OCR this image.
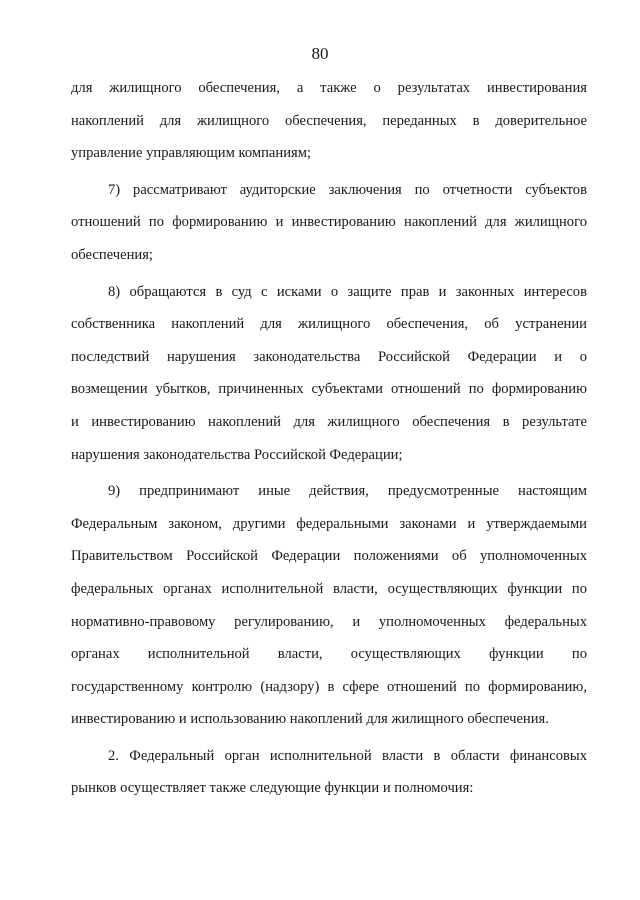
80
для жилищного обеспечения, а также о результатах инвестирования
накоплений для жилищного обеспечения, переданных в доверительное
управление управляющим компаниям;
7) рассматривают аудиторские заключения по отчетности субъектов
отношений по формированию и инвестированию накоплений для жилищного
обеспечения;
8) обращаются в суд с исками о защите прав и законных интересов
собственника накоплений для жилищного обеспечения, об устранении
последствий нарушения законодательства Российской Федерации и о
возмещении убытков, причиненных субъектами отношений по формированию
и инвестированию накоплений для жилищного обеспечения в результате
нарушения законодательства Российской Федерации;
9) предпринимают иные действия, предусмотренные настоящим
Федеральным законом, другими федеральными законами и утверждаемыми
Правительством Российской Федерации положениями об уполномоченных
федеральных органах исполнительной власти, осуществляющих функции по
нормативно-правовому регулированию, и уполномоченных федеральных
органах исполнительной власти, осуществляющих функции по
государственному контролю (надзору) в сфере отношений по формированию,
инвестированию и использованию накоплений для жилищного обеспечения.
2. Федеральный орган исполнительной власти в области финансовых
рынков осуществляет также следующие функции и полномочия:
